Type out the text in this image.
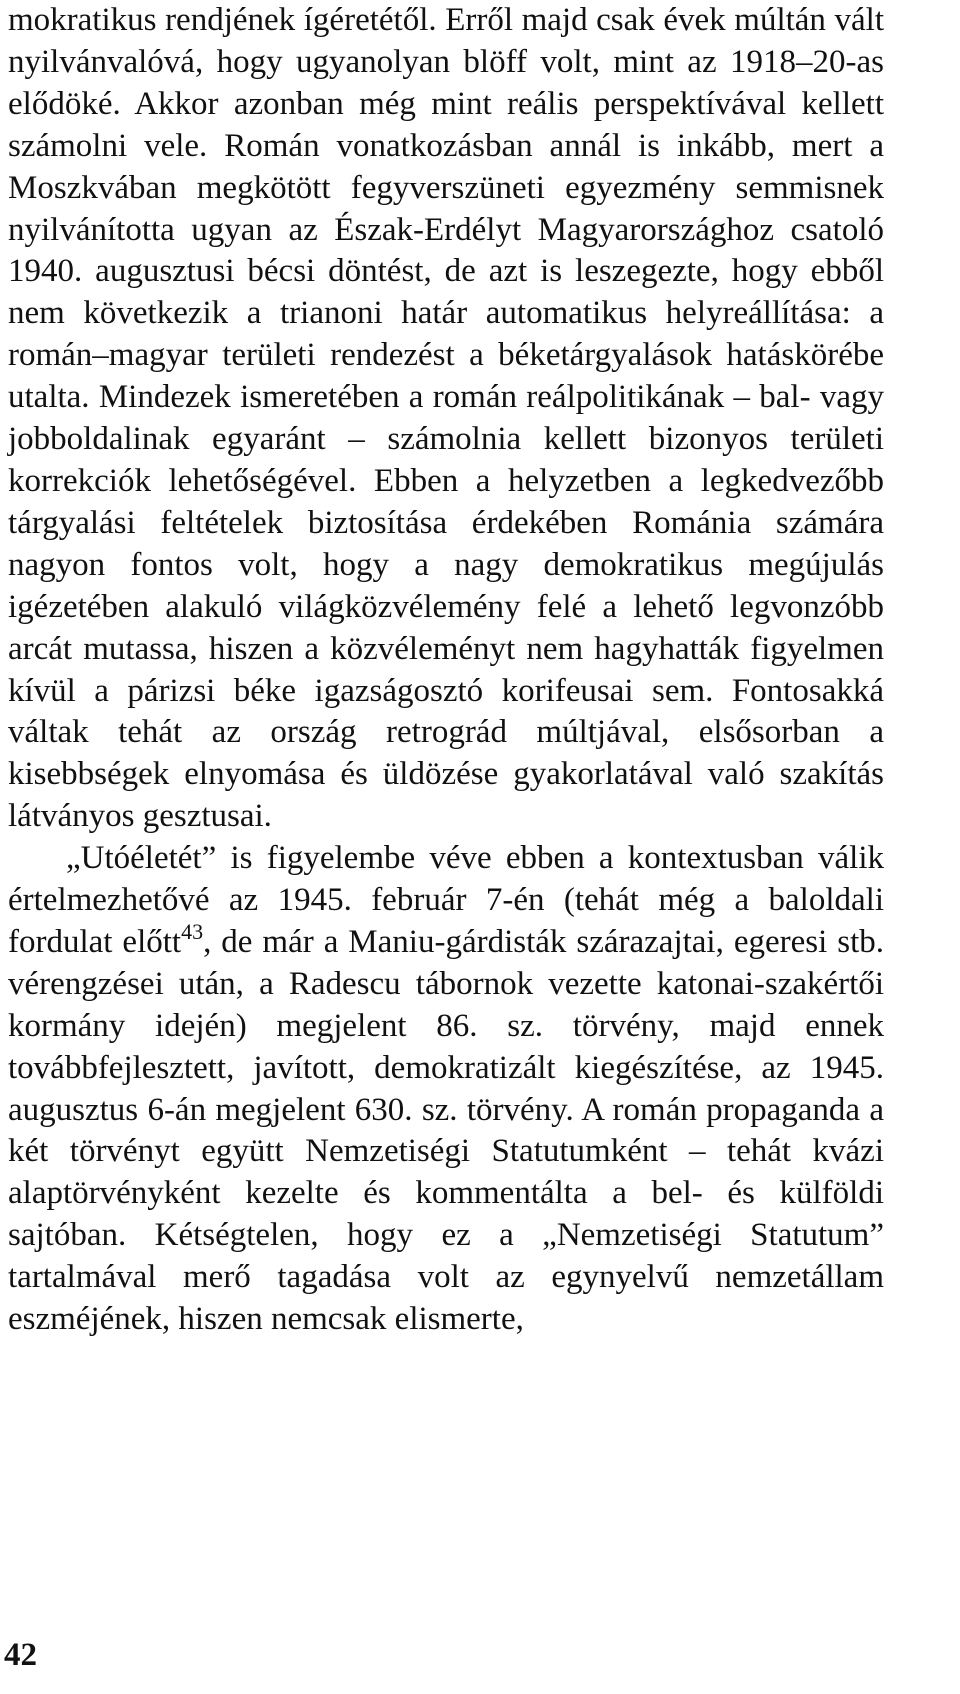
mokratikus rendjének ígéretétől. Erről majd csak évek múltán vált nyilvánvalóvá, hogy ugyanolyan blöff volt, mint az 1918–20-as elődöké. Akkor azonban még mint reális perspektívával kellett számolni vele. Román vonatkozásban annál is inkább, mert a Moszkvában megkötött fegyverszüneti egyezmény semmisnek nyilvánította ugyan az Észak-Erdélyt Magyarországhoz csatoló 1940. augusztusi bécsi döntést, de azt is leszegezte, hogy ebből nem következik a trianoni határ automatikus helyreállítása: a román–magyar területi rendezést a béketárgyalások hatáskörébe utalta. Mindezek ismeretében a román reálpolitikának – bal- vagy jobboldalinak egyaránt – számolnia kellett bizonyos területi korrekciók lehetőségével. Ebben a helyzetben a legkedvezőbb tárgyalási feltételek biztosítása érdekében Románia számára nagyon fontos volt, hogy a nagy demokratikus megújulás igézetében alakuló világközvélemény felé a lehető legvonzóbb arcát mutassa, hiszen a közvéleményt nem hagyhatták figyelmen kívül a párizsi béke igazságosztó korifeusai sem. Fontosakká váltak tehát az ország retrográd múltjával, elsősorban a kisebbségek elnyomása és üldözése gyakorlatával való szakítás látványos gesztusai.

„Utóéletét” is figyelembe véve ebben a kontextusban válik értelmezhetővé az 1945. február 7-én (tehát még a baloldali fordulat előtt$^{43}$, de már a Maniu-gárdisták szárazajtai, egeresi stb. vérengzései után, a Radescu tábornok vezette katonai-szakértői kormány idején) megjelent 86. sz. törvény, majd ennek továbbfejlesztett, javított, demokratizált kiegészítése, az 1945. augusztus 6-án megjelent 630. sz. törvény. A román propaganda a két törvényt együtt Nemzetiségi Statutumként – tehát kvázi alaptörvényként kezelte és kommentálta a bel- és külföldi sajtóban. Kétségtelen, hogy ez a „Nemzetiségi Statutum” tartalmával merő tagadása volt az egynyelvű nemzetállam eszméjének, hiszen nemcsak elismerte,

42
